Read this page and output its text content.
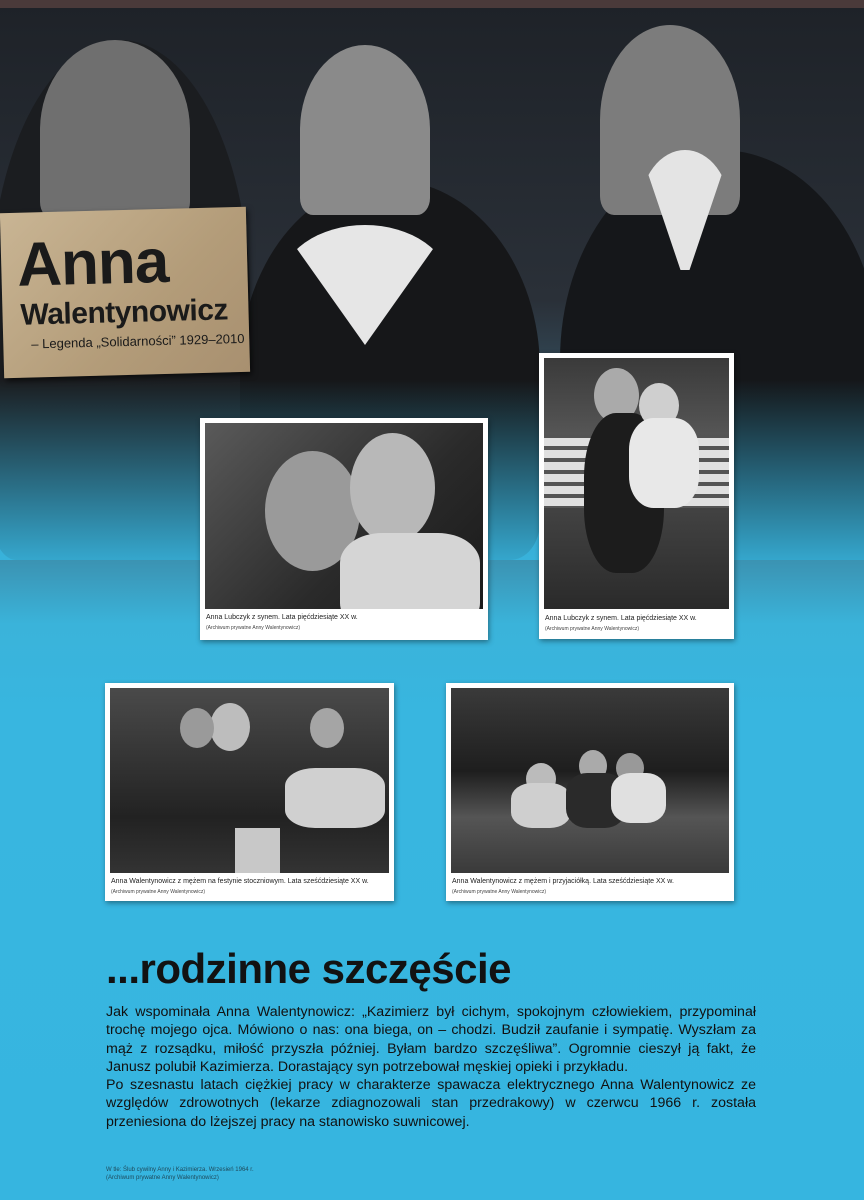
Anna
Walentynowicz
– Legenda „Solidarności” 1929–2010
Anna Lubczyk z synem. Lata pięćdziesiąte XX w.
(Archiwum prywatne Anny Walentynowicz)
Anna Lubczyk z synem. Lata pięćdziesiąte XX w.
(Archiwum prywatne Anny Walentynowicz)
Anna Walentynowicz z mężem na festynie stoczniowym. Lata sześćdziesiąte XX w.
(Archiwum prywatne Anny Walentynowicz)
Anna Walentynowicz z mężem i przyjaciółką. Lata sześćdziesiąte XX w.
(Archiwum prywatne Anny Walentynowicz)
...rodzinne szczęście

Jak wspominała Anna Walentynowicz: „Kazimierz był cichym, spokojnym człowiekiem, przypominał trochę mojego ojca. Mówiono o nas: ona biega, on – chodzi. Budził zaufanie i sympatię. Wyszłam za mąż z rozsądku, miłość przyszła później. Byłam bardzo szczęśliwa”. Ogromnie cieszył ją fakt, że Janusz polubił Kazimierza. Dorastający syn potrzebował męskiej opieki i przykładu.

Po szesnastu latach ciężkiej pracy w charakterze spawacza elektrycznego Anna Walentynowicz ze względów zdrowotnych (lekarze zdiagnozowali stan przedrakowy) w czerwcu 1966 r. została przeniesiona do lżejszej pracy na stanowisko suwnicowej.

W tle: Ślub cywilny Anny i Kazimierza. Wrzesień 1964 r.
(Archiwum prywatne Anny Walentynowicz)
